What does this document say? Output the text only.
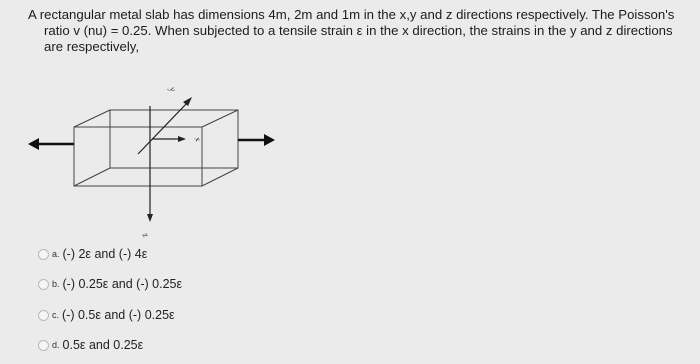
A rectangular metal slab has dimensions 4m, 2m and 1m in the x,y and z directions respectively. The Poisson's
ratio v (nu) = 0.25. When subjected to a tensile strain ε in the x direction, the strains in the y and z directions
are respectively,
y
x
z
a. (-) 2ε and (-) 4ε
b. (-) 0.25ε and (-) 0.25ε
c. (-) 0.5ε and (-) 0.25ε
d. 0.5ε and 0.25ε
